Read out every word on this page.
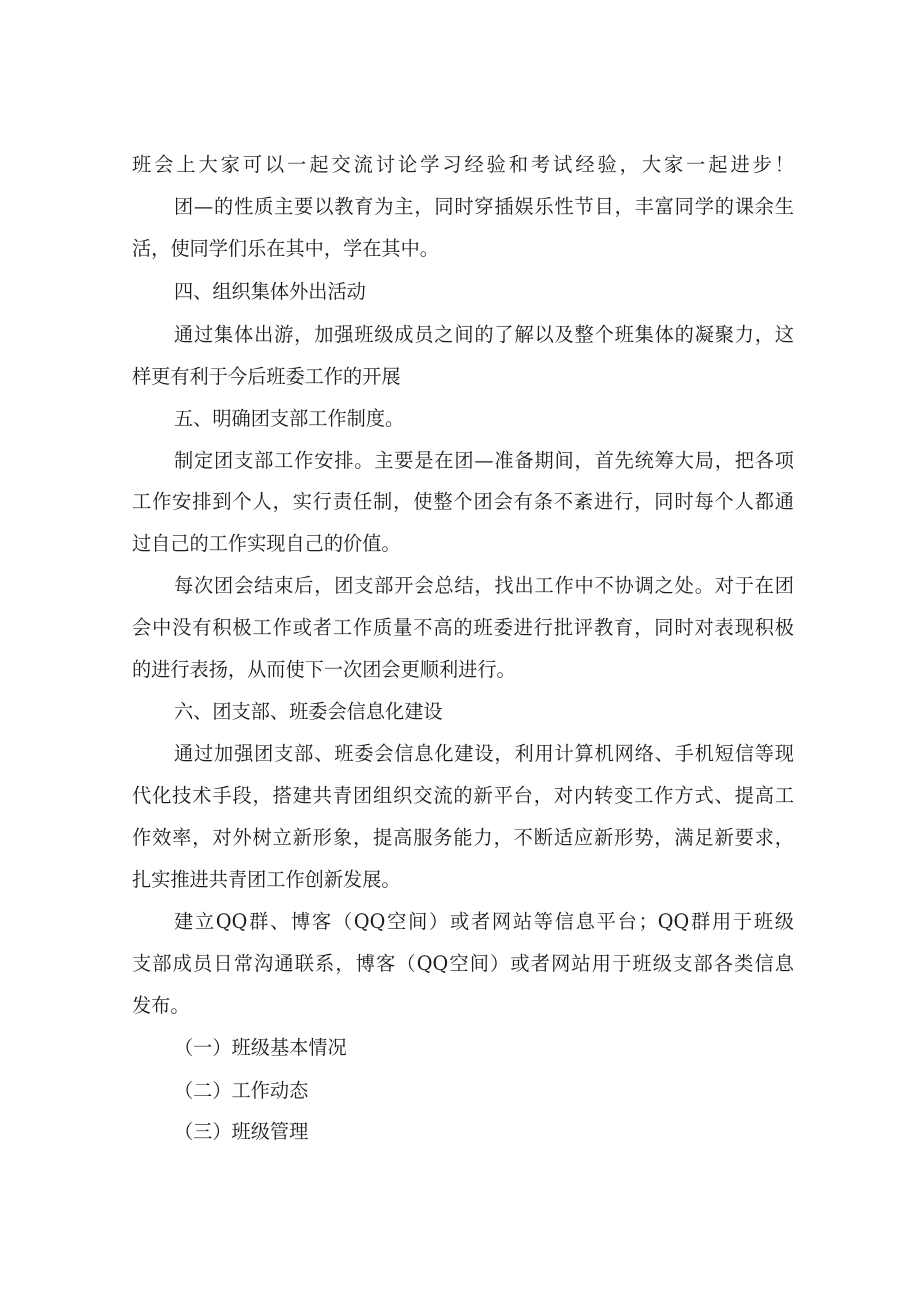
班会上大家可以一起交流讨论学习经验和考试经验，大家一起进步！
团—的性质主要以教育为主，同时穿插娱乐性节目，丰富同学的课余生
活，使同学们乐在其中，学在其中。
四、组织集体外出活动
通过集体出游，加强班级成员之间的了解以及整个班集体的凝聚力，这
样更有利于今后班委工作的开展
五、明确团支部工作制度。
制定团支部工作安排。主要是在团—准备期间，首先统筹大局，把各项
工作安排到个人，实行责任制，使整个团会有条不紊进行，同时每个人都通
过自己的工作实现自己的价值。
每次团会结束后，团支部开会总结，找出工作中不协调之处。对于在团
会中没有积极工作或者工作质量不高的班委进行批评教育，同时对表现积极
的进行表扬，从而使下一次团会更顺利进行。
六、团支部、班委会信息化建设
通过加强团支部、班委会信息化建设，利用计算机网络、手机短信等现
代化技术手段，搭建共青团组织交流的新平台，对内转变工作方式、提高工
作效率，对外树立新形象，提高服务能力，不断适应新形势，满足新要求，
扎实推进共青团工作创新发展。
建立QQ群、博客（QQ空间）或者网站等信息平台；QQ群用于班级
支部成员日常沟通联系，博客（QQ空间）或者网站用于班级支部各类信息
发布。
（一）班级基本情况
（二）工作动态
（三）班级管理
